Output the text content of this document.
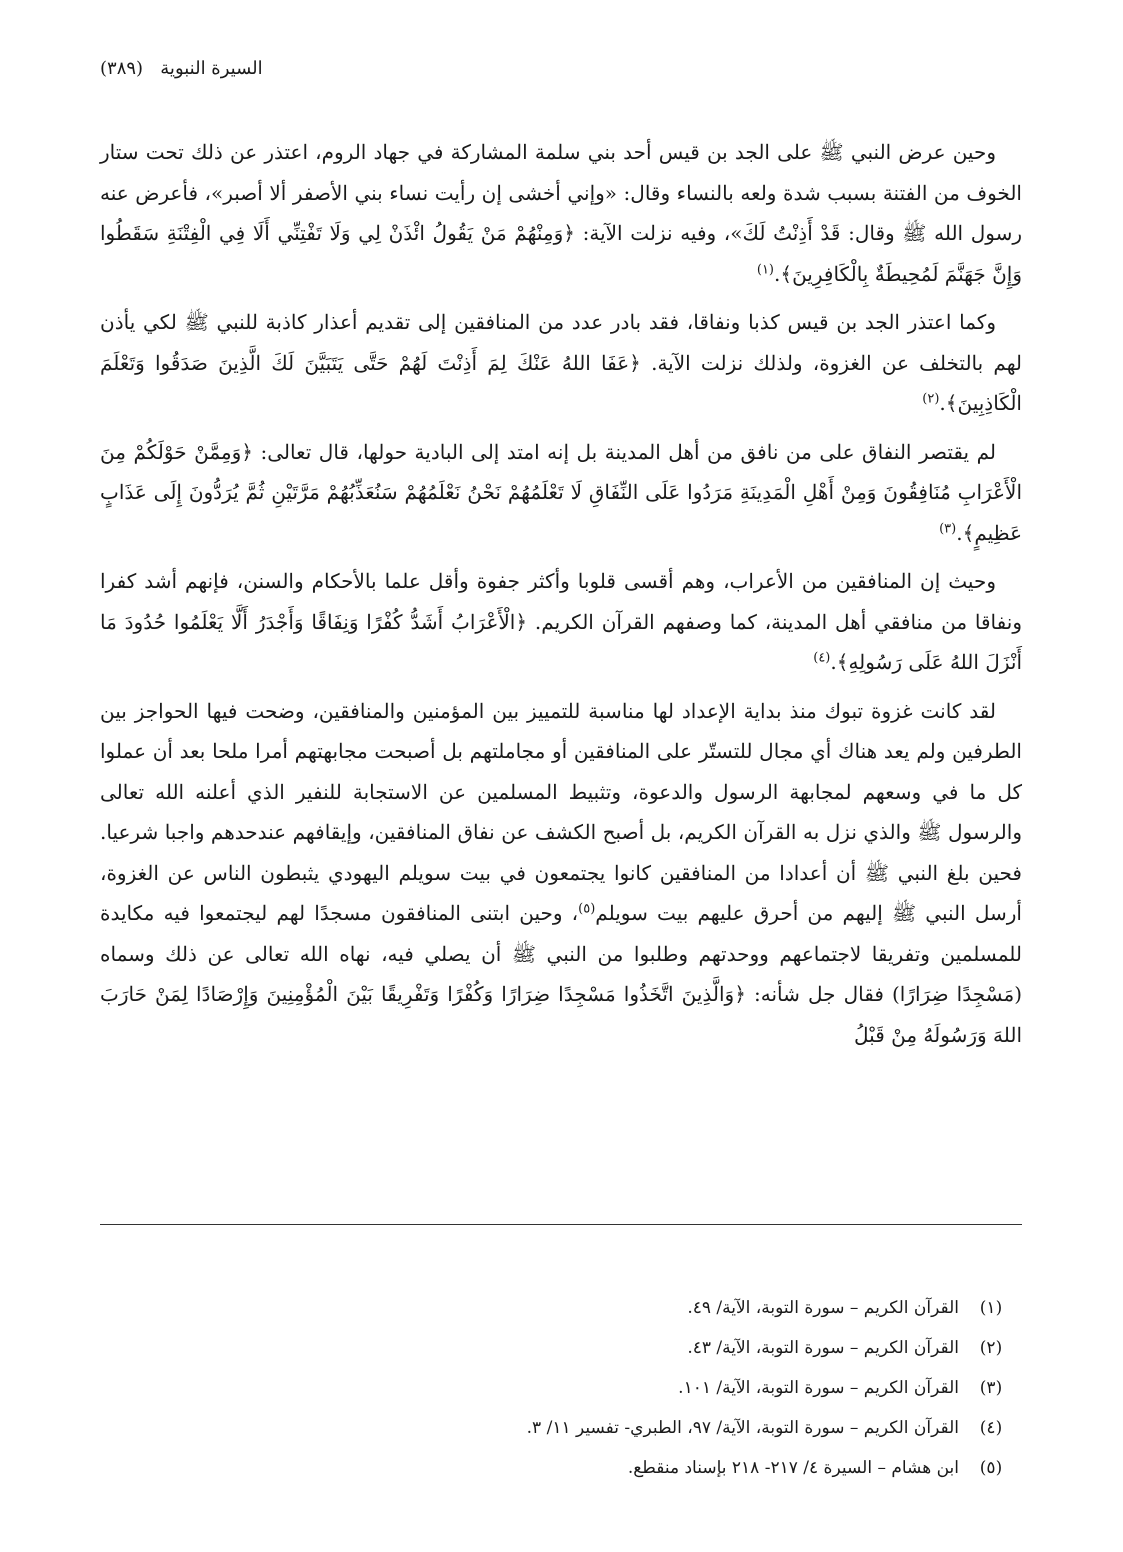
السيرة النبوية   (٣٨٩)

وحين عرض النبي ﷺ على الجد بن قيس أحد بني سلمة المشاركة في جهاد الروم، اعتذر عن ذلك تحت ستار الخوف من الفتنة بسبب شدة ولعه بالنساء وقال: «وإني أخشى إن رأيت نساء بني الأصفر ألا أصبر»، فأعرض عنه رسول الله ﷺ وقال: قَدْ أَذِنْتُ لَكَ»، وفيه نزلت الآية: ﴿وَمِنْهُمْ مَنْ يَقُولُ ائْذَنْ لِي وَلَا تَفْتِنِّي أَلَا فِي الْفِتْنَةِ سَقَطُوا وَإِنَّ جَهَنَّمَ لَمُحِيطَةٌ بِالْكَافِرِينَ﴾.$^{(١)}$

وكما اعتذر الجد بن قيس كذبا ونفاقا، فقد بادر عدد من المنافقين إلى تقديم أعذار كاذبة للنبي ﷺ لكي يأذن لهم بالتخلف عن الغزوة، ولذلك نزلت الآية. ﴿عَفَا اللهُ عَنْكَ لِمَ أَذِنْتَ لَهُمْ حَتَّى يَتَبَيَّنَ لَكَ الَّذِينَ صَدَقُوا وَتَعْلَمَ الْكَاذِبِينَ﴾.$^{(٢)}$

لم يقتصر النفاق على من نافق من أهل المدينة بل إنه امتد إلى البادية حولها، قال تعالى: ﴿وَمِمَّنْ حَوْلَكُمْ مِنَ الْأَعْرَابِ مُنَافِقُونَ وَمِنْ أَهْلِ الْمَدِينَةِ مَرَدُوا عَلَى النِّفَاقِ لَا تَعْلَمُهُمْ نَحْنُ نَعْلَمُهُمْ سَنُعَذِّبُهُمْ مَرَّتَيْنِ ثُمَّ يُرَدُّونَ إِلَى عَذَابٍ عَظِيمٍ﴾.$^{(٣)}$

وحيث إن المنافقين من الأعراب، وهم أقسى قلوبا وأكثر جفوة وأقل علما بالأحكام والسنن، فإنهم أشد كفرا ونفاقا من منافقي أهل المدينة، كما وصفهم القرآن الكريم. ﴿الْأَعْرَابُ أَشَدُّ كُفْرًا وَنِفَاقًا وَأَجْدَرُ أَلَّا يَعْلَمُوا حُدُودَ مَا أَنْزَلَ اللهُ عَلَى رَسُولِهِ﴾.$^{(٤)}$

لقد كانت غزوة تبوك منذ بداية الإعداد لها مناسبة للتمييز بين المؤمنين والمنافقين، وضحت فيها الحواجز بين الطرفين ولم يعد هناك أي مجال للتستّر على المنافقين أو مجاملتهم بل أصبحت مجابهتهم أمرا ملحا بعد أن عملوا كل ما في وسعهم لمجابهة الرسول والدعوة، وتثبيط المسلمين عن الاستجابة للنفير الذي أعلنه الله تعالى والرسول ﷺ والذي نزل به القرآن الكريم، بل أصبح الكشف عن نفاق المنافقين، وإيقافهم عندحدهم واجبا شرعيا. فحين بلغ النبي ﷺ أن أعدادا من المنافقين كانوا يجتمعون في بيت سويلم اليهودي يثبطون الناس عن الغزوة، أرسل النبي ﷺ إليهم من أحرق عليهم بيت سويلم$^{(٥)}$، وحين ابتنى المنافقون مسجدًا لهم ليجتمعوا فيه مكايدة للمسلمين وتفريقا لاجتماعهم ووحدتهم وطلبوا من النبي ﷺ أن يصلي فيه، نهاه الله تعالى عن ذلك وسماه (مَسْجِدًا ضِرَارًا) فقال جل شأنه: ﴿وَالَّذِينَ اتَّخَذُوا مَسْجِدًا ضِرَارًا وَكُفْرًا وَتَفْرِيقًا بَيْنَ الْمُؤْمِنِينَ وَإِرْصَادًا لِمَنْ حَارَبَ اللهَ وَرَسُولَهُ مِنْ قَبْلُ

(١)
القرآن الكريم – سورة التوبة، الآية/ ٤٩.
(٢)
القرآن الكريم – سورة التوبة، الآية/ ٤٣.
(٣)
القرآن الكريم – سورة التوبة، الآية/ ١٠١.
(٤)
القرآن الكريم – سورة التوبة، الآية/ ٩٧، الطبري- تفسير ١١/ ٣.
(٥)
ابن هشام – السيرة ٤/ ٢١٧- ٢١٨ بإسناد منقطع.
